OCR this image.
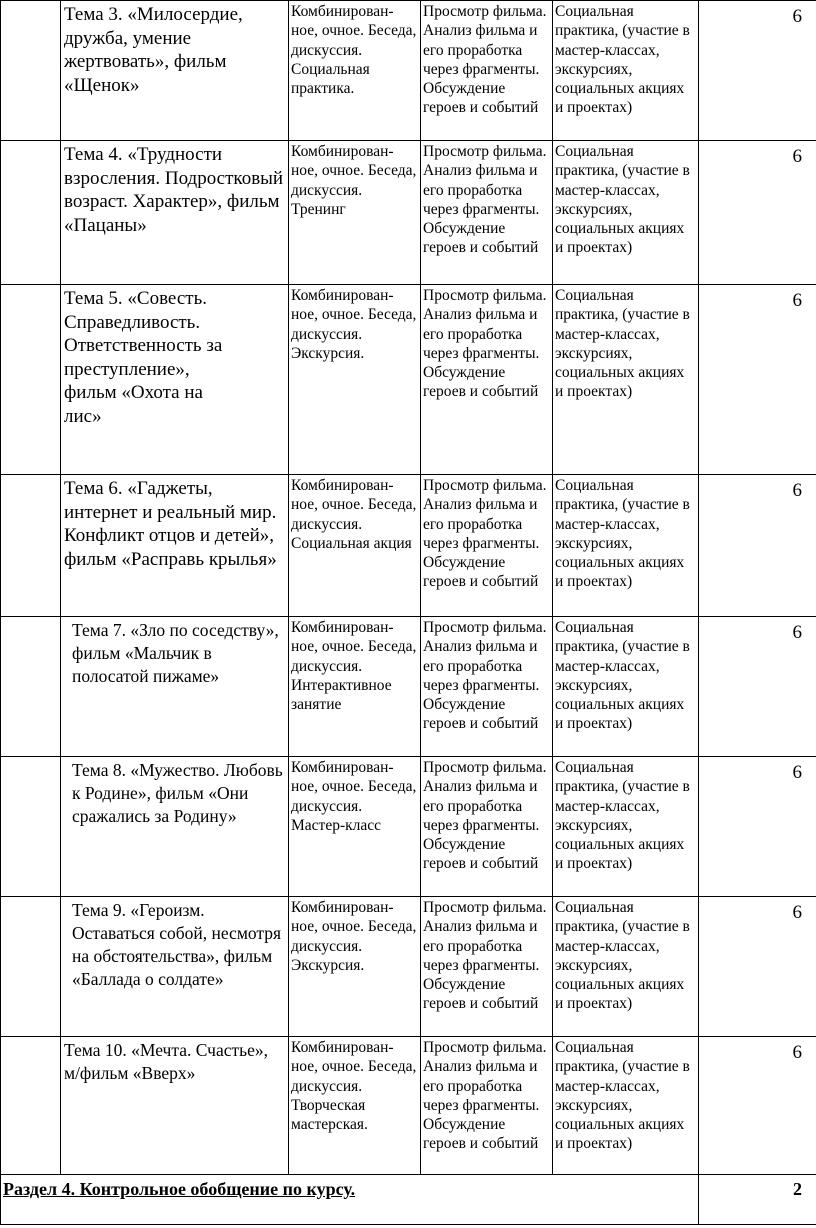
	Тема 3. «Милосердие, дружба, умение жертвовать», фильм «Щенок»	Комбинирован-ное, очное. Беседа, дискуссия. Социальная практика.	Просмотр фильма. Анализ фильма и его проработка через фрагменты. Обсуждение героев и событий	Социальная практика, (участие в мастер-классах, экскурсиях, социальных акциях и проектах)	6

	Тема 4. «Трудности взросления. Подростковый возраст. Характер», фильм «Пацаны»	Комбинирован-ное, очное. Беседа, дискуссия. Тренинг	Просмотр фильма. Анализ фильма и его проработка через фрагменты. Обсуждение героев и событий	Социальная практика, (участие в мастер-классах, экскурсиях, социальных акциях и проектах)	6

	Тема 5. «Совесть. Справедливость. Ответственность за преступление», фильм «Охота на лис»	Комбинирован-ное, очное. Беседа, дискуссия. Экскурсия.	Просмотр фильма. Анализ фильма и его проработка через фрагменты. Обсуждение героев и событий	Социальная практика, (участие в мастер-классах, экскурсиях, социальных акциях и проектах)	6

	Тема 6. «Гаджеты, интернет и реальный мир. Конфликт отцов и детей», фильм «Расправь крылья»	Комбинирован-ное, очное. Беседа, дискуссия. Социальная акция	Просмотр фильма. Анализ фильма и его проработка через фрагменты. Обсуждение героев и событий	Социальная практика, (участие в мастер-классах, экскурсиях, социальных акциях и проектах)	6

	Тема 7. «Зло по соседству», фильм «Мальчик в полосатой пижаме»	Комбинирован-ное, очное. Беседа, дискуссия. Интерактивное занятие	Просмотр фильма. Анализ фильма и его проработка через фрагменты. Обсуждение героев и событий	Социальная практика, (участие в мастер-классах, экскурсиях, социальных акциях и проектах)	6

	Тема 8. «Мужество. Любовь к Родине», фильм «Они сражались за Родину»	Комбинирован-ное, очное. Беседа, дискуссия. Мастер-класс	Просмотр фильма. Анализ фильма и его проработка через фрагменты. Обсуждение героев и событий	Социальная практика, (участие в мастер-классах, экскурсиях, социальных акциях и проектах)	6

	Тема 9. «Героизм. Оставаться собой, несмотря на обстоятельства», фильм «Баллада о солдате»	Комбинирован-ное, очное. Беседа, дискуссия. Экскурсия.	Просмотр фильма. Анализ фильма и его проработка через фрагменты. Обсуждение героев и событий	Социальная практика, (участие в мастер-классах, экскурсиях, социальных акциях и проектах)	6

	Тема 10. «Мечта. Счастье», м/фильм «Вверх»	Комбинирован-ное, очное. Беседа, дискуссия. Творческая мастерская.	Просмотр фильма. Анализ фильма и его проработка через фрагменты. Обсуждение героев и событий	Социальная практика, (участие в мастер-классах, экскурсиях, социальных акциях и проектах)	6

Раздел 4. Контрольное обобщение по курсу.					2
